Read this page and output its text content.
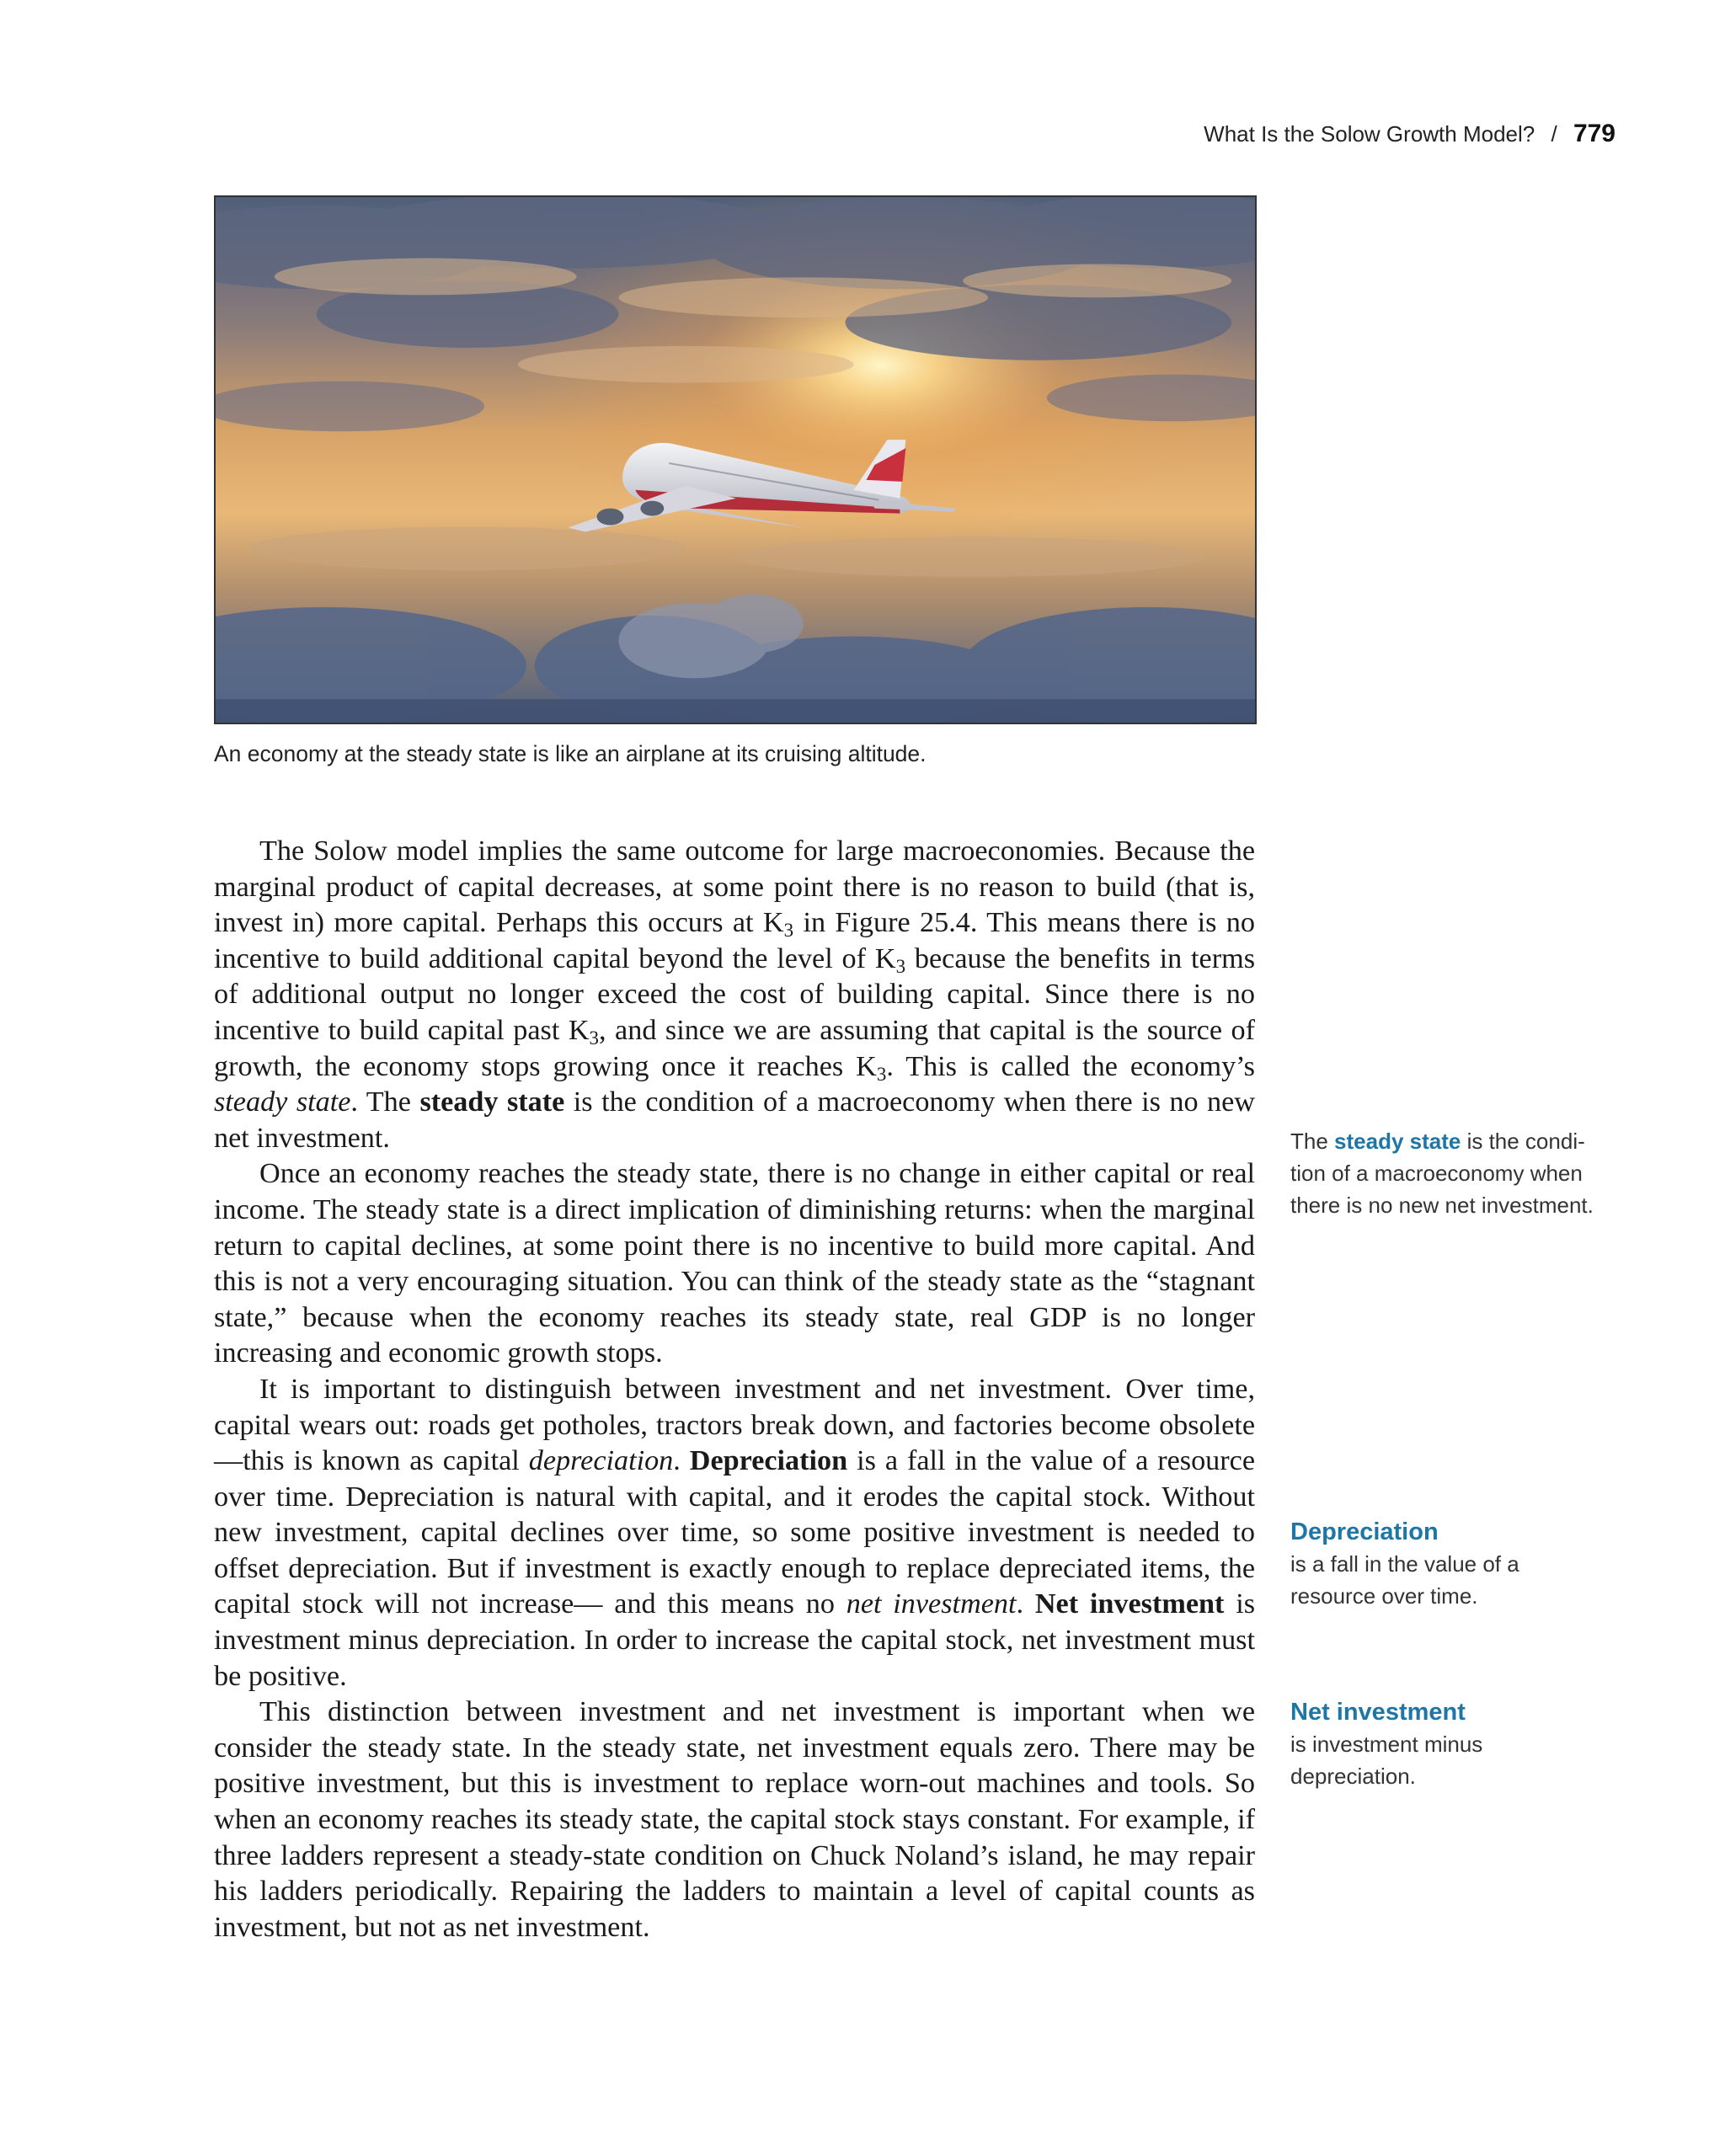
What Is the Solow Growth Model? / 779
An economy at the steady state is like an airplane at its cruising altitude.

The Solow model implies the same outcome for large macroeconomies. Because the marginal product of capital decreases, at some point there is no reason to build (that is, invest in) more capital. Perhaps this occurs at $K_3$ in Figure 25.4. This means there is no incentive to build additional capital beyond the level of $K_3$ because the benefits in terms of additional output no longer exceed the cost of building capital. Since there is no incentive to build capital past $K_3$, and since we are assuming that capital is the source of growth, the economy stops growing once it reaches $K_3$. This is called the economy’s steady state. The steady state is the condition of a macroeconomy when there is no new net investment.

Once an economy reaches the steady state, there is no change in either capital or real income. The steady state is a direct implication of diminishing returns: when the marginal return to capital declines, at some point there is no incentive to build more capital. And this is not a very encouraging situation. You can think of the steady state as the “stagnant state,” because when the economy reaches its steady state, real GDP is no longer increasing and economic growth stops.

It is important to distinguish between investment and net investment. Over time, capital wears out: roads get potholes, tractors break down, and factories become obsolete—this is known as capital depreciation. Depreciation is a fall in the value of a resource over time. Depreciation is natural with capital, and it erodes the capital stock. Without new investment, capital declines over time, so some positive investment is needed to offset depreciation. But if investment is exactly enough to replace depreciated items, the capital stock will not increase— and this means no net investment. Net investment is investment minus depreciation. In order to increase the capital stock, net investment must be positive.

This distinction between investment and net investment is important when we consider the steady state. In the steady state, net investment equals zero. There may be positive investment, but this is investment to replace worn-out machines and tools. So when an economy reaches its steady state, the capital stock stays constant. For example, if three ladders represent a steady-state condition on Chuck Noland’s island, he may repair his ladders periodically. Repairing the ladders to maintain a level of capital counts as investment, but not as net investment.

The steady state is the condition of a macroeconomy when there is no new net investment.
Depreciation
is a fall in the value of a resource over time.
Net investment
is investment minus depreciation.
